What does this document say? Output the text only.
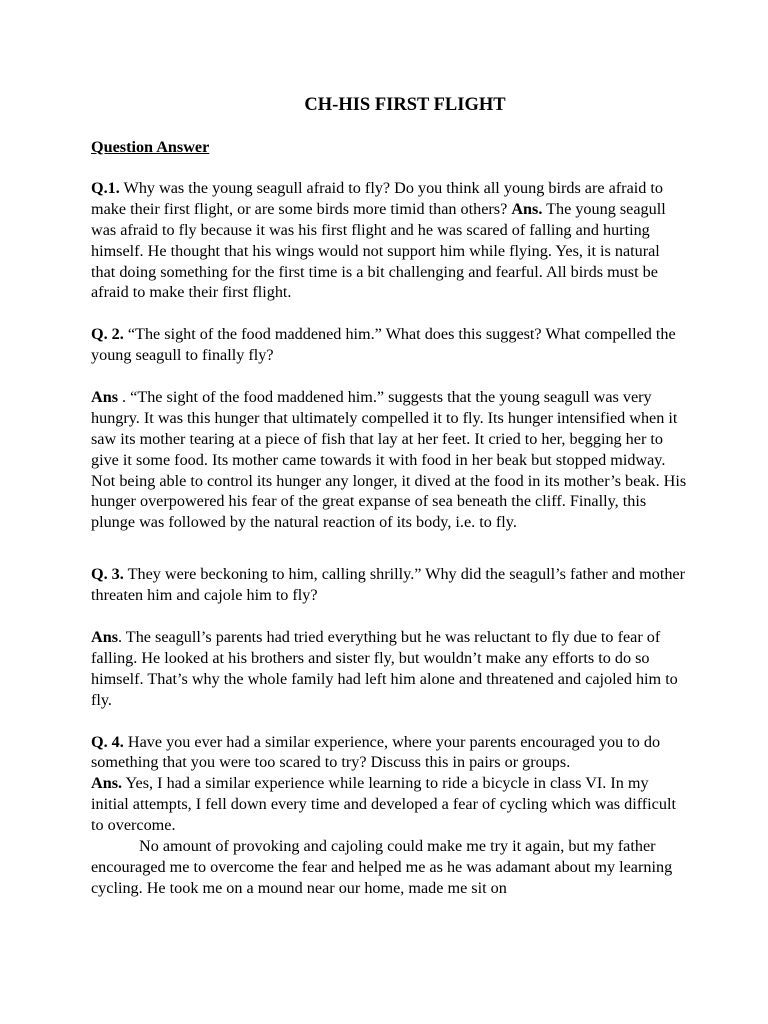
CH-HIS FIRST FLIGHT
Question Answer

Q.1. Why was the young seagull afraid to fly? Do you think all young birds are afraid to make their first flight, or are some birds more timid than others? Ans. The young seagull was afraid to fly because it was his first flight and he was scared of falling and hurting himself. He thought that his wings would not support him while flying. Yes, it is natural that doing something for the first time is a bit challenging and fearful. All birds must be afraid to make their first flight.

Q. 2. “The sight of the food maddened him.” What does this suggest? What compelled the young seagull to finally fly?

Ans . “The sight of the food maddened him.” suggests that the young seagull was very hungry. It was this hunger that ultimately compelled it to fly. Its hunger intensified when it saw its mother tearing at a piece of fish that lay at her feet. It cried to her, begging her to give it some food. Its mother came towards it with food in her beak but stopped midway. Not being able to control its hunger any longer, it dived at the food in its mother’s beak. His hunger overpowered his fear of the great expanse of sea beneath the cliff. Finally, this plunge was followed by the natural reaction of its body, i.e. to fly.

Q. 3. They were beckoning to him, calling shrilly.” Why did the seagull’s father and mother threaten him and cajole him to fly?

Ans. The seagull’s parents had tried everything but he was reluctant to fly due to fear of falling. He looked at his brothers and sister fly, but wouldn’t make any efforts to do so himself. That’s why the whole family had left him alone and threatened and cajoled him to fly.

Q. 4. Have you ever had a similar experience, where your parents encouraged you to do something that you were too scared to try? Discuss this in pairs or groups.

Ans. Yes, I had a similar experience while learning to ride a bicycle in class VI. In my initial attempts, I fell down every time and developed a fear of cycling which was difficult to overcome.

No amount of provoking and cajoling could make me try it again, but my father encouraged me to overcome the fear and helped me as he was adamant about my learning cycling. He took me on a mound near our home, made me sit on
